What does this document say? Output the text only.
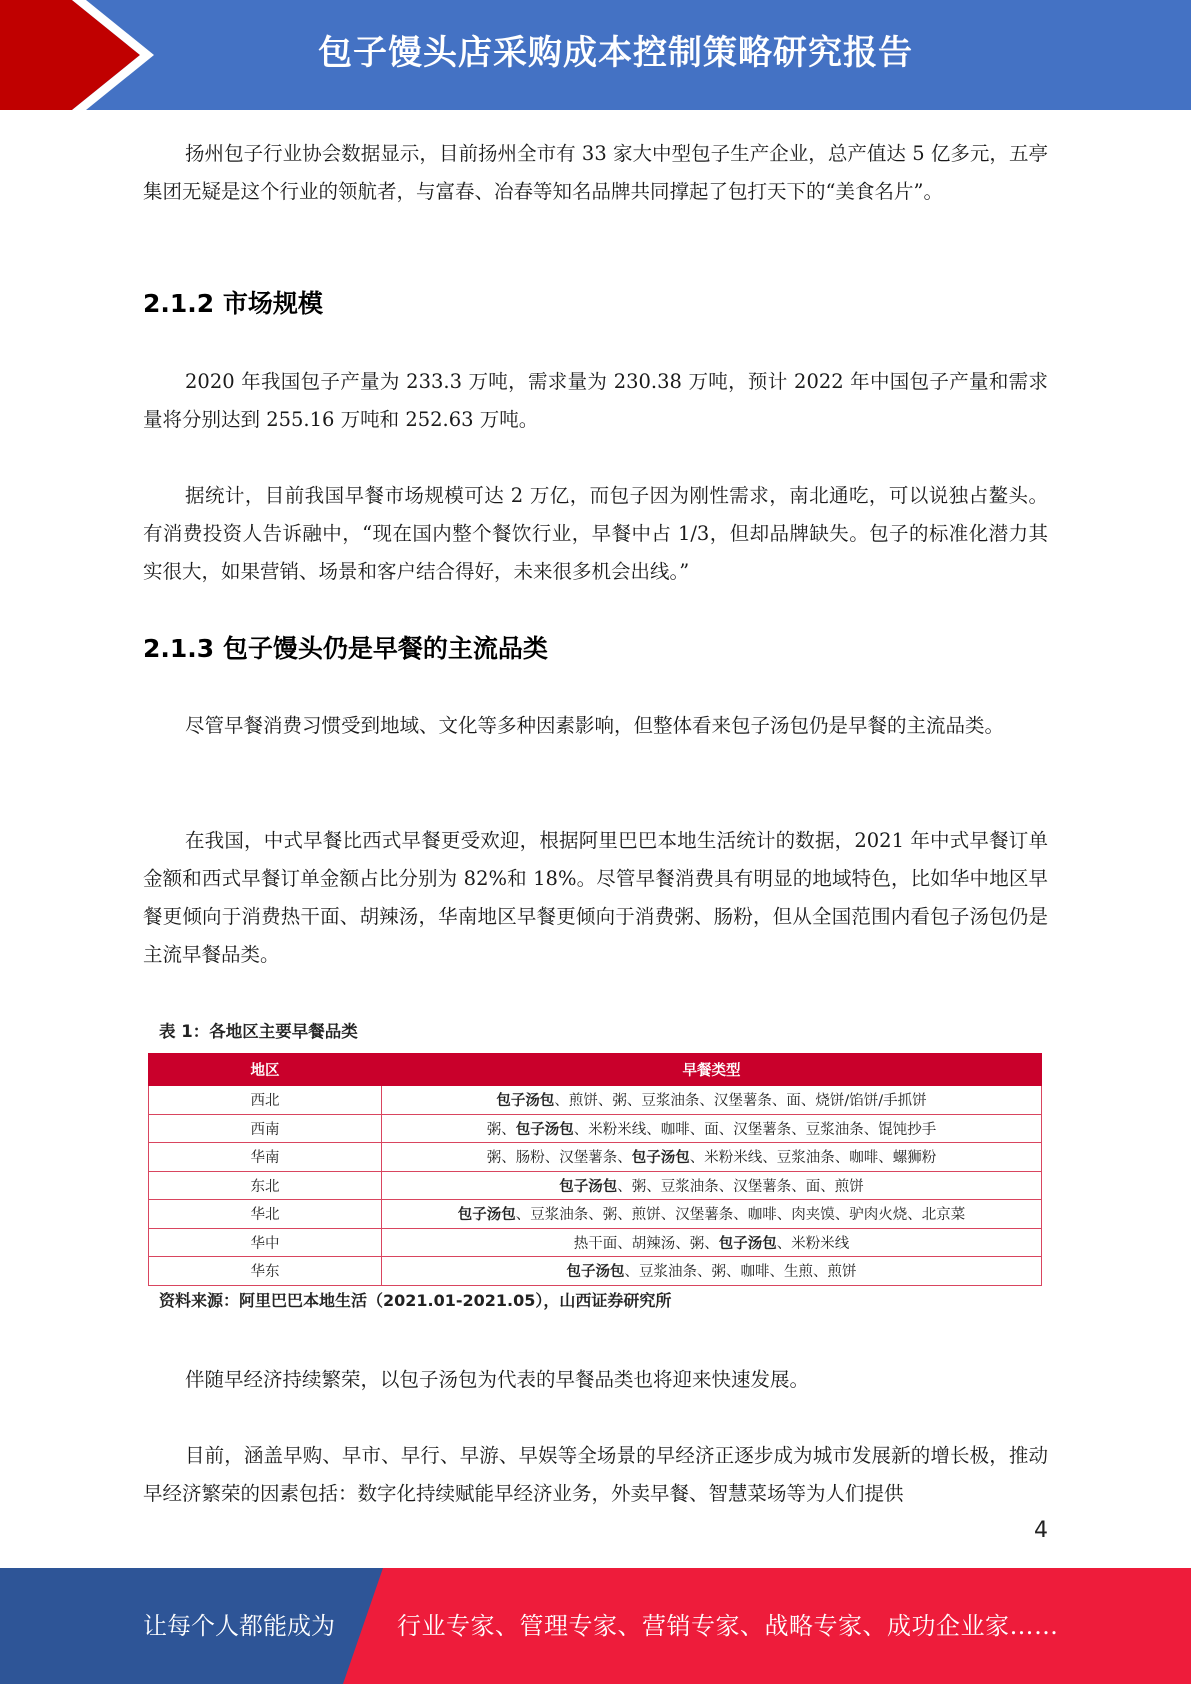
包子馒头店采购成本控制策略研究报告

扬州包子行业协会数据显示，目前扬州全市有 33 家大中型包子生产企业，总产值达 5 亿多元，五亭集团无疑是这个行业的领航者，与富春、冶春等知名品牌共同撑起了包打天下的“美食名片”。

2.1.2 市场规模

2020 年我国包子产量为 233.3 万吨，需求量为 230.38 万吨，预计 2022 年中国包子产量和需求量将分别达到 255.16 万吨和 252.63 万吨。

据统计，目前我国早餐市场规模可达 2 万亿，而包子因为刚性需求，南北通吃，可以说独占鳌头。有消费投资人告诉融中，“现在国内整个餐饮行业，早餐中占 1/3，但却品牌缺失。包子的标准化潜力其实很大，如果营销、场景和客户结合得好，未来很多机会出线。”

2.1.3 包子馒头仍是早餐的主流品类

尽管早餐消费习惯受到地域、文化等多种因素影响，但整体看来包子汤包仍是早餐的主流品类。

在我国，中式早餐比西式早餐更受欢迎，根据阿里巴巴本地生活统计的数据，2021 年中式早餐订单金额和西式早餐订单金额占比分别为 82%和 18%。尽管早餐消费具有明显的地域特色，比如华中地区早餐更倾向于消费热干面、胡辣汤，华南地区早餐更倾向于消费粥、肠粉，但从全国范围内看包子汤包仍是主流早餐品类。

表 1：各地区主要早餐品类
地区	早餐类型
西北	包子汤包、煎饼、粥、豆浆油条、汉堡薯条、面、烧饼/馅饼/手抓饼
西南	粥、包子汤包、米粉米线、咖啡、面、汉堡薯条、豆浆油条、馄饨抄手
华南	粥、肠粉、汉堡薯条、包子汤包、米粉米线、豆浆油条、咖啡、螺狮粉
东北	包子汤包、粥、豆浆油条、汉堡薯条、面、煎饼
华北	包子汤包、豆浆油条、粥、煎饼、汉堡薯条、咖啡、肉夹馍、驴肉火烧、北京菜
华中	热干面、胡辣汤、粥、包子汤包、米粉米线
华东	包子汤包、豆浆油条、粥、咖啡、生煎、煎饼
资料来源：阿里巴巴本地生活（2021.01-2021.05），山西证券研究所

伴随早经济持续繁荣，以包子汤包为代表的早餐品类也将迎来快速发展。

目前，涵盖早购、早市、早行、早游、早娱等全场景的早经济正逐步成为城市发展新的增长极，推动早经济繁荣的因素包括：数字化持续赋能早经济业务，外卖早餐、智慧菜场等为人们提供

4
让每个人都能成为	行业专家、管理专家、营销专家、战略专家、成功企业家……
